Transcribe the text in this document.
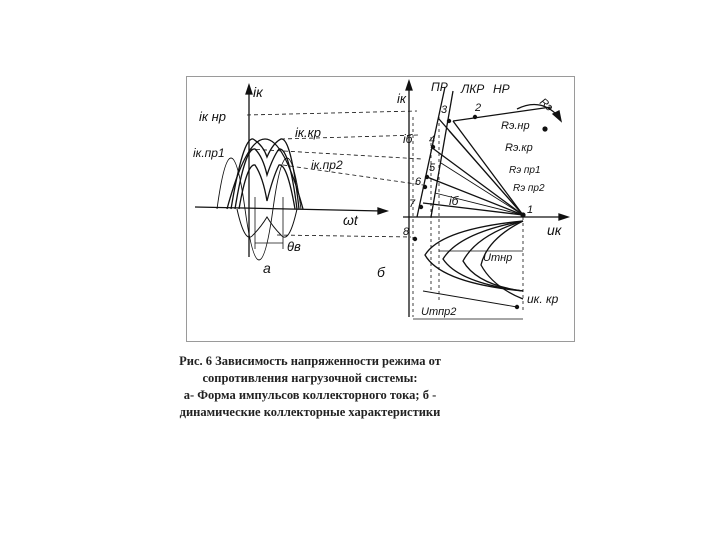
iк
iк нр
iк.кр
iк.пр1
iк.пр2
ωt
θв
а	б
iк
iб
iб
ПР ЛКР НР
Rэ
Rэ.нр
Rэ.кр
Rэ пр1
Rэ пр2
uк
Umнр
uк. кр
Umпр2
1
2
3
4
5
6
7
8
Рис. 6 Зависимость напряженности режима от
сопротивления нагрузочной системы:
а- Форма импульсов коллекторного тока; б -
динамические коллекторные характеристики
